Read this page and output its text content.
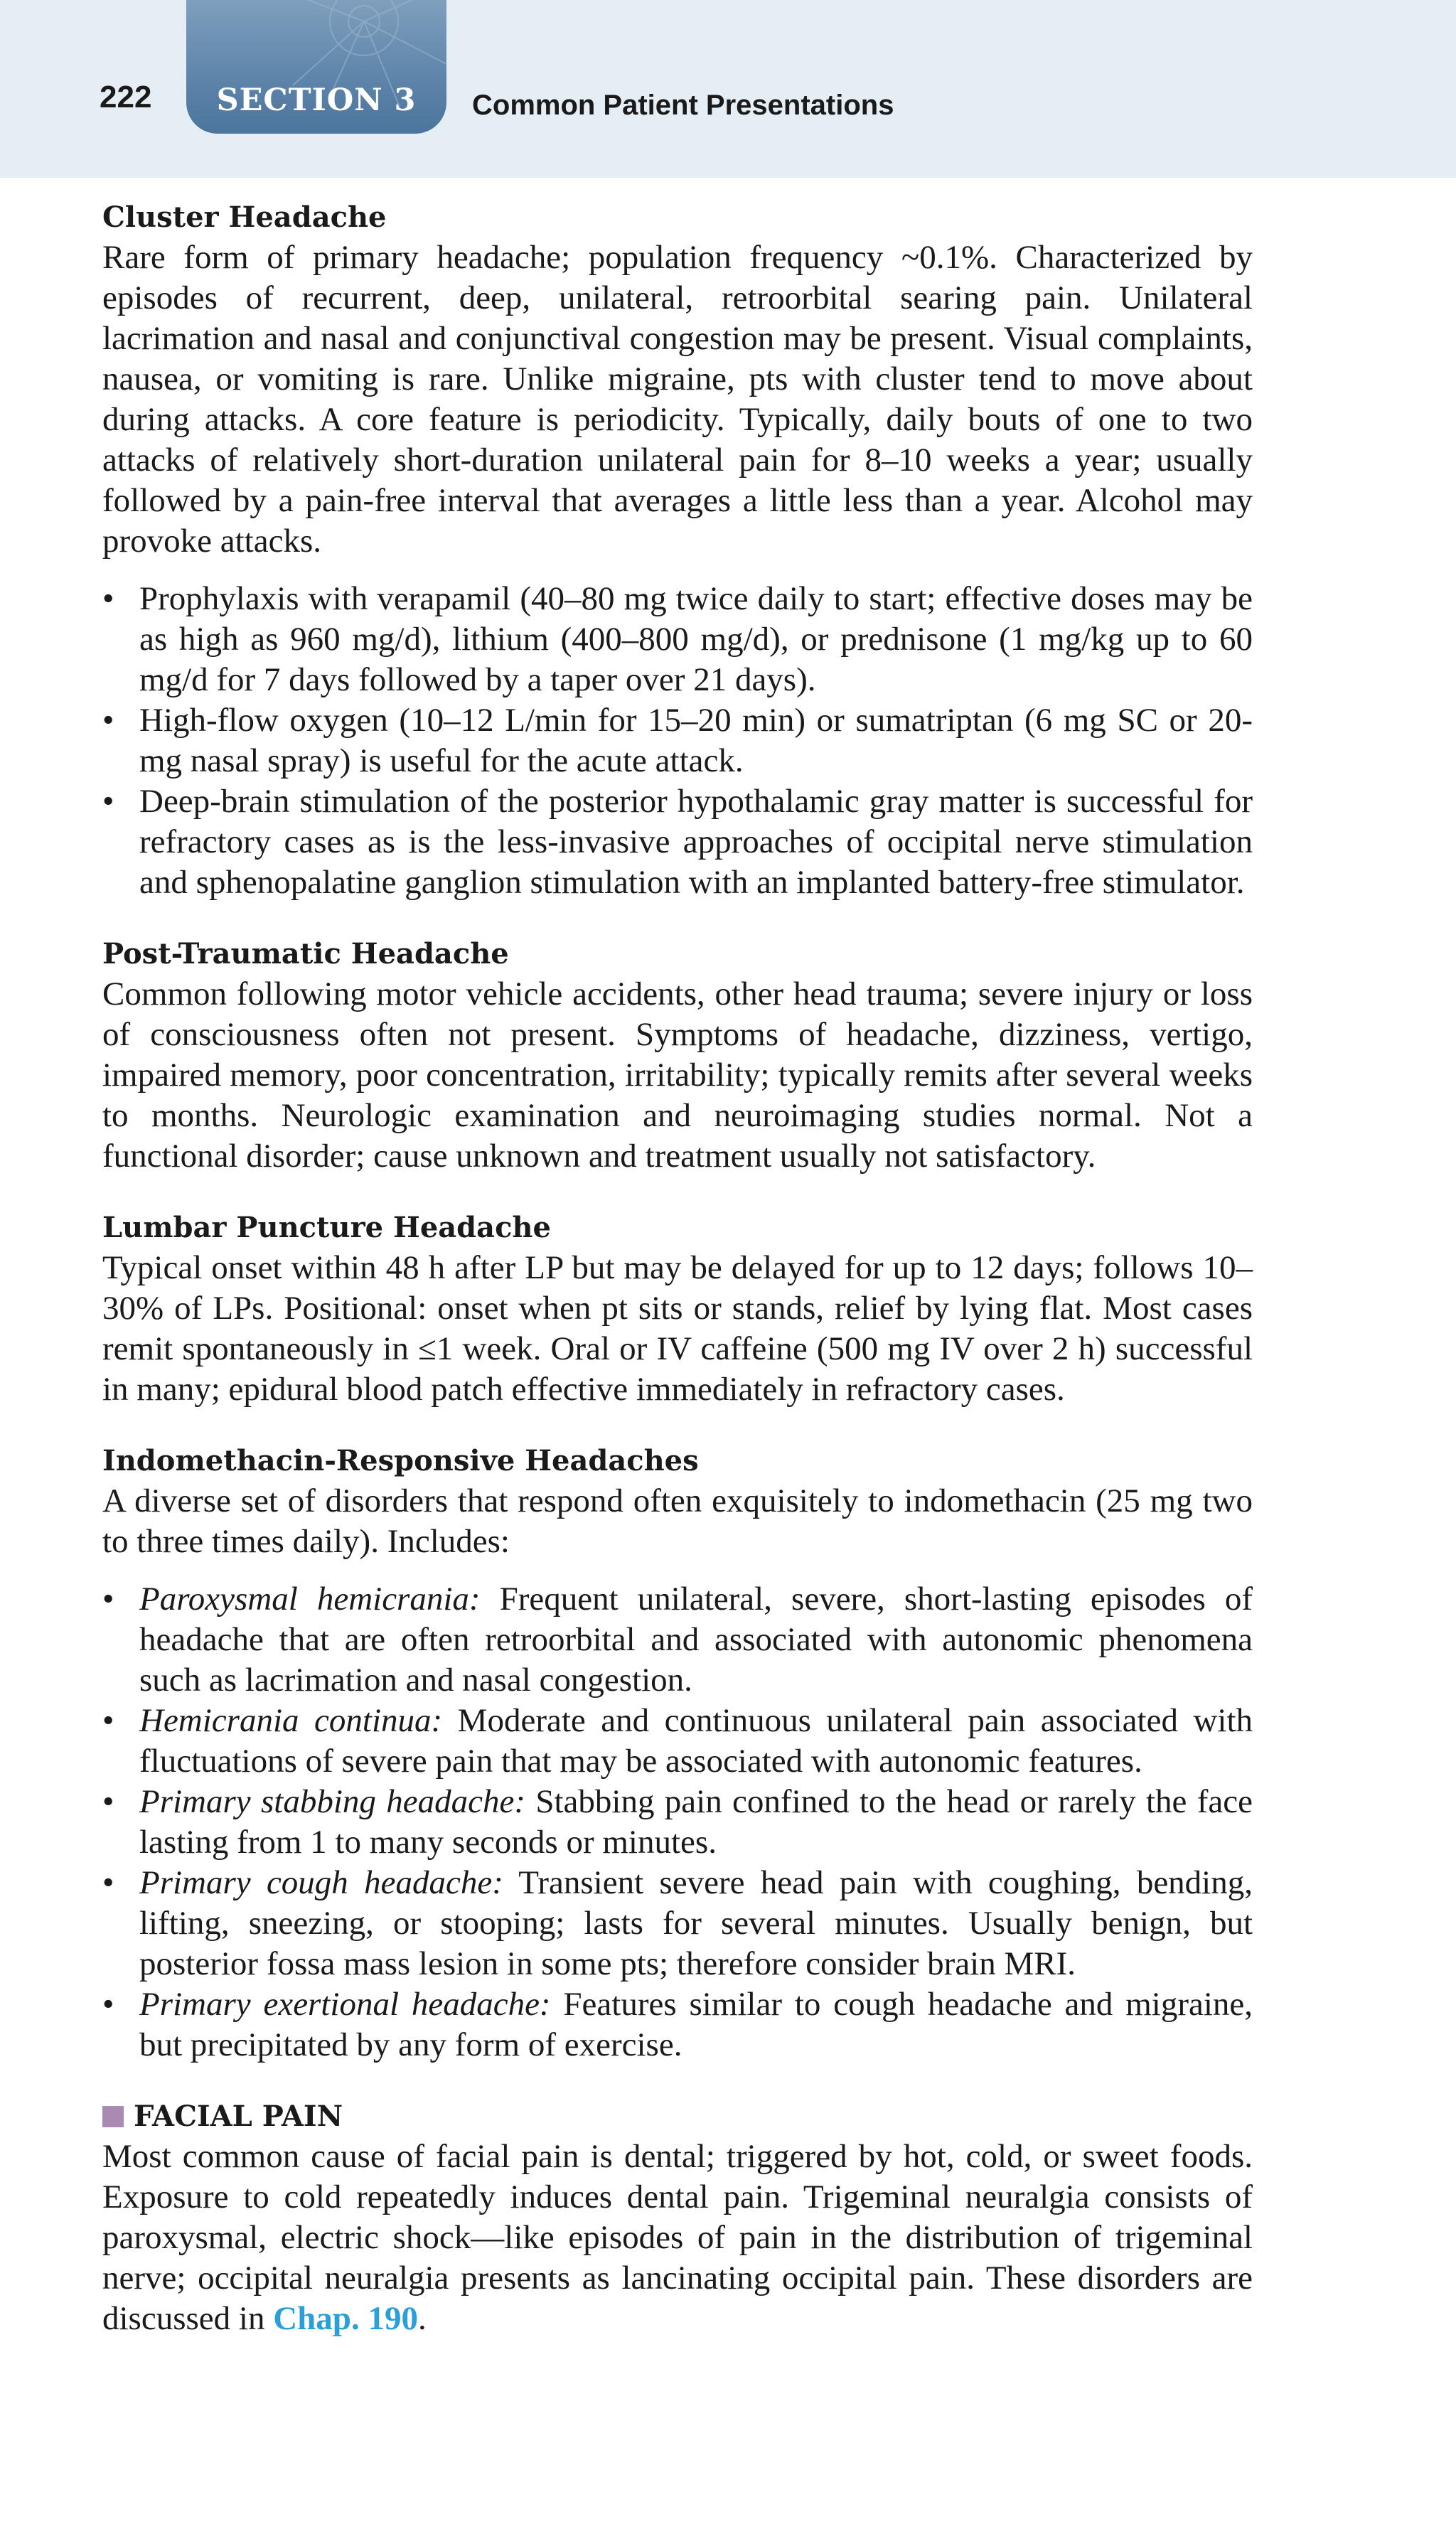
222	SECTION 3	Common Patient Presentations

Cluster Headache

Rare form of primary headache; population frequency ~0.1%. Characterized by episodes of recurrent, deep, unilateral, retroorbital searing pain. Unilateral lacrimation and nasal and conjunctival congestion may be present. Visual complaints, nausea, or vomiting is rare. Unlike migraine, pts with cluster tend to move about during attacks. A core feature is periodicity. Typically, daily bouts of one to two attacks of relatively short-duration unilateral pain for 8–10 weeks a year; usually followed by a pain-free interval that averages a little less than a year. Alcohol may provoke attacks.

• Prophylaxis with verapamil (40–80 mg twice daily to start; effective doses may be as high as 960 mg/d), lithium (400–800 mg/d), or prednisone (1 mg/kg up to 60 mg/d for 7 days followed by a taper over 21 days).
• High-flow oxygen (10–12 L/min for 15–20 min) or sumatriptan (6 mg SC or 20-mg nasal spray) is useful for the acute attack.
• Deep-brain stimulation of the posterior hypothalamic gray matter is successful for refractory cases as is the less-invasive approaches of occipital nerve stimulation and sphenopalatine ganglion stimulation with an implanted battery-free stimulator.

Post-Traumatic Headache

Common following motor vehicle accidents, other head trauma; severe injury or loss of consciousness often not present. Symptoms of headache, dizziness, vertigo, impaired memory, poor concentration, irritability; typically remits after several weeks to months. Neurologic examination and neuroimaging studies normal. Not a functional disorder; cause unknown and treatment usually not satisfactory.

Lumbar Puncture Headache

Typical onset within 48 h after LP but may be delayed for up to 12 days; follows 10–30% of LPs. Positional: onset when pt sits or stands, relief by lying flat. Most cases remit spontaneously in ≤1 week. Oral or IV caffeine (500 mg IV over 2 h) successful in many; epidural blood patch effective immediately in refractory cases.

Indomethacin-Responsive Headaches

A diverse set of disorders that respond often exquisitely to indomethacin (25 mg two to three times daily). Includes:

• Paroxysmal hemicrania: Frequent unilateral, severe, short-lasting episodes of headache that are often retroorbital and associated with autonomic phenomena such as lacrimation and nasal congestion.
• Hemicrania continua: Moderate and continuous unilateral pain associated with fluctuations of severe pain that may be associated with autonomic features.
• Primary stabbing headache: Stabbing pain confined to the head or rarely the face lasting from 1 to many seconds or minutes.
• Primary cough headache: Transient severe head pain with coughing, bending, lifting, sneezing, or stooping; lasts for several minutes. Usually benign, but posterior fossa mass lesion in some pts; therefore consider brain MRI.
• Primary exertional headache: Features similar to cough headache and migraine, but precipitated by any form of exercise.

FACIAL PAIN

Most common cause of facial pain is dental; triggered by hot, cold, or sweet foods. Exposure to cold repeatedly induces dental pain. Trigeminal neuralgia consists of paroxysmal, electric shock—like episodes of pain in the distribution of trigeminal nerve; occipital neuralgia presents as lancinating occipital pain. These disorders are discussed in Chap. 190.
